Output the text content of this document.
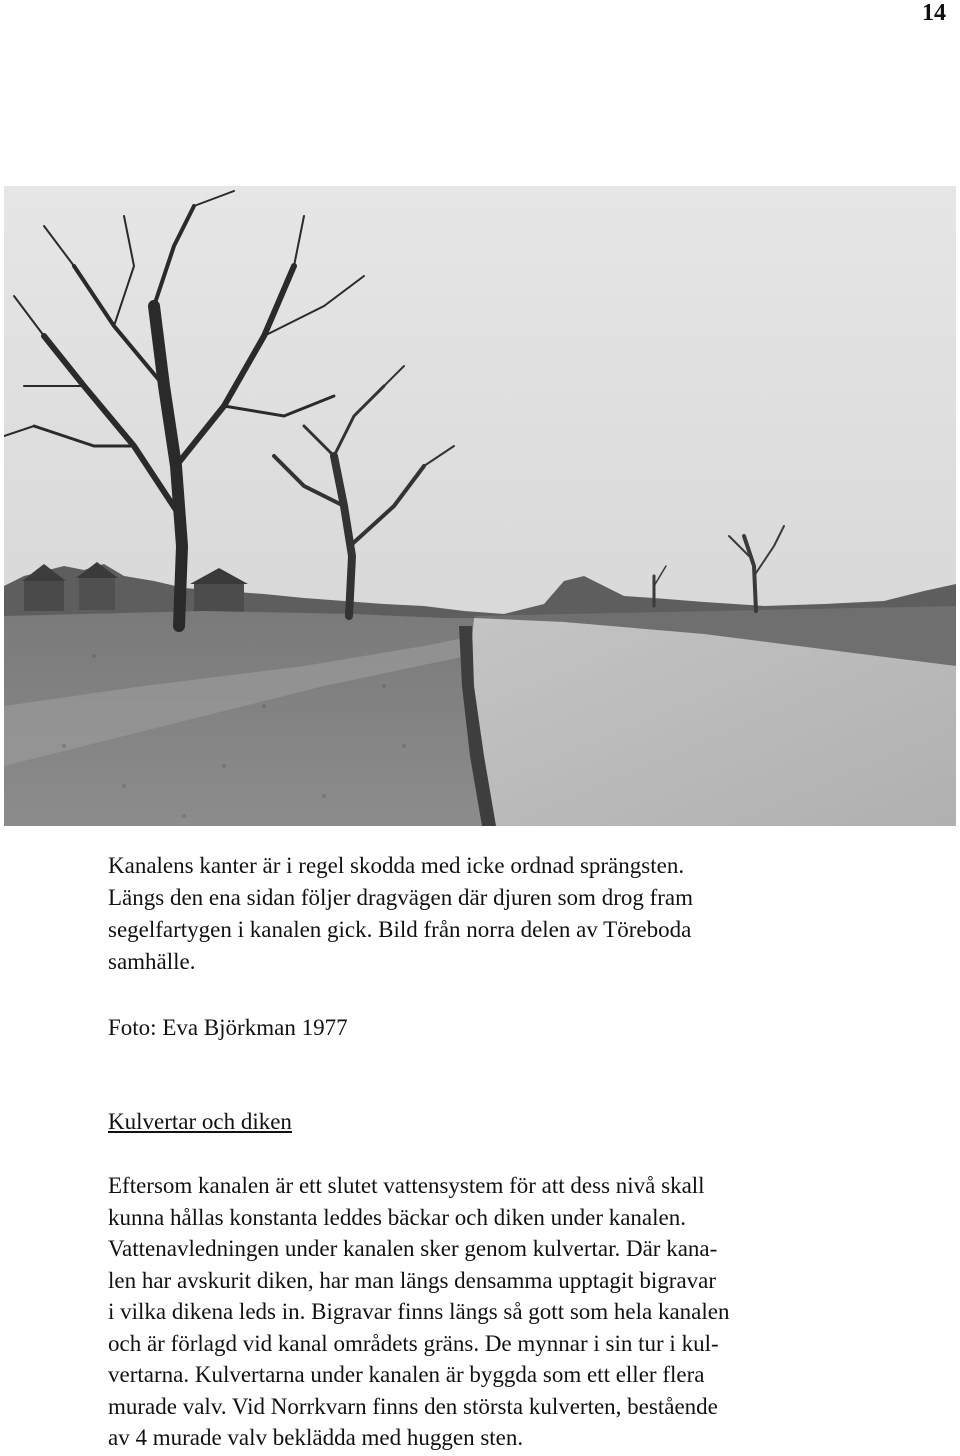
14

Kanalens kanter är i regel skodda med icke ordnad sprängsten.

Längs den ena sidan följer dragvägen där djuren som drog fram

segelfartygen i kanalen gick. Bild från norra delen av Töreboda

samhälle.

Foto: Eva Björkman 1977
Kulvertar och diken

Eftersom kanalen är ett slutet vattensystem för att dess nivå skall

kunna hållas konstanta leddes bäckar och diken under kanalen.

Vattenavledningen under kanalen sker genom kulvertar. Där kana-

len har avskurit diken, har man längs densamma upptagit bigravar

i vilka dikena leds in. Bigravar finns längs så gott som hela kanalen

och är förlagd vid kanal områdets gräns. De mynnar i sin tur i kul-

vertarna. Kulvertarna under kanalen är byggda som ett eller flera

murade valv. Vid Norrkvarn finns den största kulverten, bestående

av 4 murade valv beklädda med huggen sten.
